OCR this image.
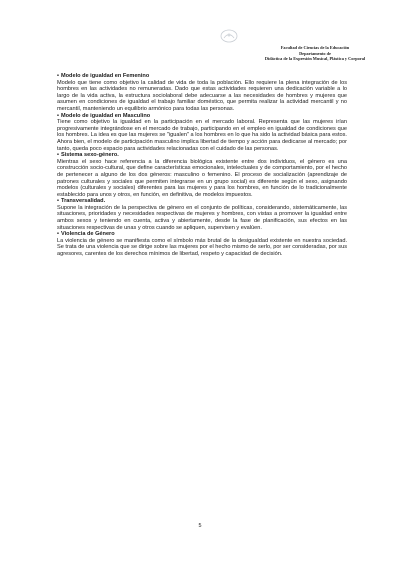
Facultad de Ciencias de la Educación
Departamento de
Didáctica de la Expresión Musical, Plástica y Corporal
• Modelo de igualdad en Femenino

Modelo que tiene como objetivo la calidad de vida de toda la población. Ello requiere la plena integración de los hombres en las actividades no remuneradas. Dado que estas actividades requieren una dedicación variable a lo largo de la vida activa, la estructura sociolaboral debe adecuarse a las necesidades de hombres y mujeres que asumen en condiciones de igualdad el trabajo familiar doméstico, que permita realizar la actividad mercantil y no mercantil, manteniendo un equilibrio armónico para todas las personas.

• Modelo de igualdad en Masculino

Tiene como objetivo la igualdad en la participación en el mercado laboral. Representa que las mujeres irían progresivamente integrándose en el mercado de trabajo, participando en el empleo en igualdad de condiciones que los hombres. La idea es que las mujeres se "igualen" a los hombres en lo que ha sido la actividad básica para estos. Ahora bien, el modelo de participación masculino implica libertad de tiempo y acción para dedicarse al mercado; por tanto, queda poco espacio para actividades relacionadas con el cuidado de las personas.

• Sistema sexo-género.

Mientras el sexo hace referencia a la diferencia biológica existente entre dos individuos, el género es una construcción socio-cultural, que define características emocionales, intelectuales y de comportamiento, por el hecho de pertenecer a alguno de los dos géneros: masculino o femenino. El proceso de socialización (aprendizaje de patrones culturales y sociales que permiten integrarse en un grupo social) es diferente según el sexo, asignando modelos (culturales y sociales) diferentes para las mujeres y para los hombres, en función de lo tradicionalmente establecido para unos y otros, en función, en definitiva, de modelos impuestos.

• Transversalidad.

Supone la integración de la perspectiva de género en el conjunto de políticas, considerando, sistemáticamente, las situaciones, prioridades y necesidades respectivas de mujeres y hombres, con vistas a promover la igualdad entre ambos sexos y teniendo en cuenta, activa y abiertamente, desde la fase de planificación, sus efectos en las situaciones respectivas de unas y otros cuando se apliquen, supervisen y evalúen.

• Violencia de Género

La violencia de género se manifiesta como el símbolo más brutal de la desigualdad existente en nuestra sociedad. Se trata de una violencia que se dirige sobre las mujeres por el hecho mismo de serlo, por ser consideradas, por sus agresores, carentes de los derechos mínimos de libertad, respeto y capacidad de decisión.

5
